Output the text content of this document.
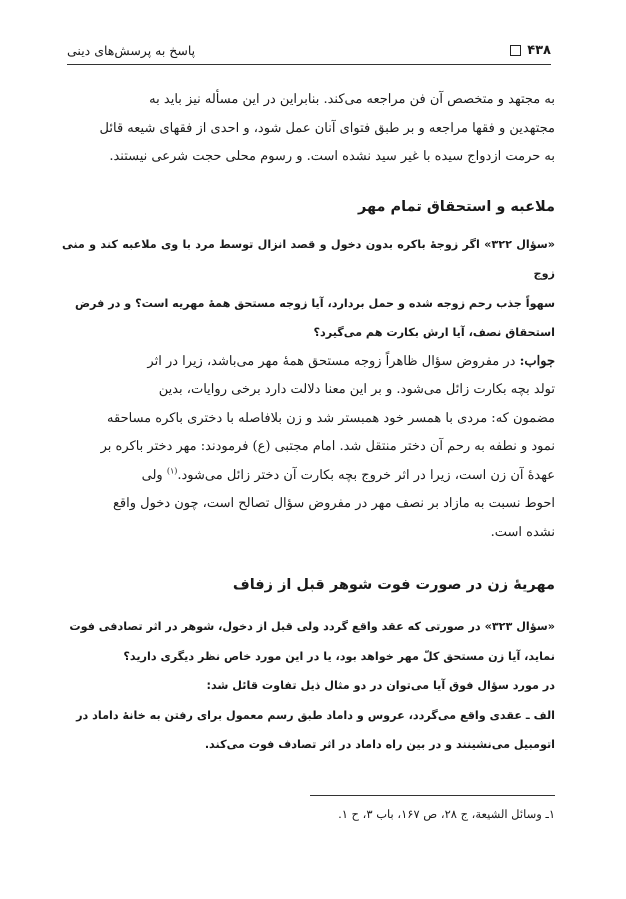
۴۳۸
پاسخ به پرسش‌های دینی

به مجتهد و متخصص آن فن مراجعه می‌کند. بنابراین در این مسأله نیز باید به

مجتهدین و فقها مراجعه و بر طبق فتوای آنان عمل شود، و احدی از فقهای شیعه قائل

به حرمت ازدواج سیده با غیر سید نشده است. و رسوم محلی حجت شرعی نیستند.

ملاعبه و استحقاق تمام مهر

«سؤال ۳۲۲» اگر زوجهٔ باکره بدون دخول و قصد انزال توسط مرد با وی ملاعبه کند و منی زوج

سهواً جذب رحم زوجه شده و حمل بردارد، آیا زوجه مستحق همهٔ مهریه است؟ و در فرض

استحقاق نصف، آیا ارش بکارت هم می‌گیرد؟

جواب: در مفروض سؤال ظاهراً زوجه مستحق همهٔ مهر می‌باشد، زیرا در اثر

تولد بچه بکارت زائل می‌شود. و بر این معنا دلالت دارد برخی روایات، بدین

مضمون که: مردی با همسر خود همبستر شد و زن بلافاصله با دختری باکره مساحقه

نمود و نطفه به رحم آن دختر منتقل شد. امام مجتبی (ع) فرمودند: مهر دختر باکره بر

عهدهٔ آن زن است، زیرا در اثر خروج بچه بکارت آن دختر زائل می‌شود.$^{(۱)}$ ولی

احوط نسبت به مازاد بر نصف مهر در مفروض سؤال تصالح است، چون دخول واقع

نشده است.

مهریهٔ زن در صورت فوت شوهر قبل از زفاف

«سؤال ۳۲۳» در صورتی که عقد واقع گردد ولی قبل از دخول، شوهر در اثر تصادفی فوت

نماید، آیا زن مستحق کلّ مهر خواهد بود، یا در این مورد خاص نظر دیگری دارید؟

در مورد سؤال فوق آیا می‌توان در دو مثال ذیل تفاوت قائل شد:

الف ـ عقدی واقع می‌گردد، عروس و داماد طبق رسم معمول برای رفتن به خانهٔ داماد در

اتومبیل می‌نشینند و در بین راه داماد در اثر تصادف فوت می‌کند.

۱ـ وسائل الشیعة، ج ۲۸، ص ۱۶۷، باب ۳، ح ۱.
